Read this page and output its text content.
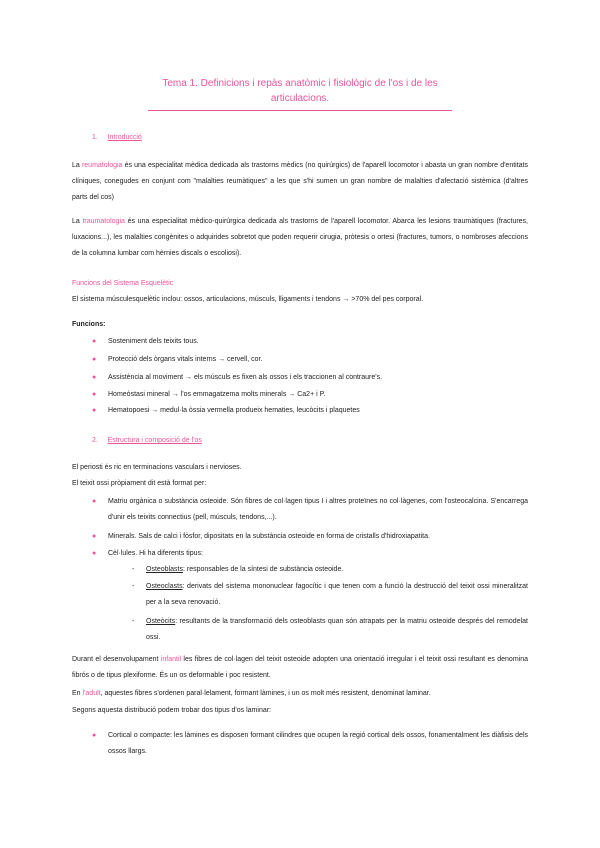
Tema 1. Definicions i repàs anatòmic i fisiològic de l'os i de les
articulacions.
1. Introducció

La reumatologia és una especialitat mèdica dedicada als trastorns mèdics (no quirúrgics) de l'aparell locomotor i abasta un gran nombre d'entitats clíniques, conegudes en conjunt com "malalties reumàtiques" a les que s'hi sumen un gran nombre de malalties d'afectació sistèmica (d'altres parts del cos)

La traumatologia és una especialitat mèdico-quirúrgica dedicada als trastorns de l'aparell locomotor. Abarca les lesions traumàtiques (fractures, luxacions...), les malalties congènites o adquirides sobretot que poden requerir cirugia, pròtesis o ortesi (fractures, tumors, o nombroses afeccions de la columna lumbar com hèrnies discals o escoliosi).

Funcions del Sistema Esquelètic

El sistema músculesquelètic inclou: ossos, articulacions, músculs, lligaments i tendons → >70% del pes corporal.

Funcions:

● Sosteniment dels teixits tous.
● Protecció dels òrgans vitals interns → cervell, cor.
● Assistència al moviment → els músculs es fixen als ossos i els traccionen al contraure's.
● Homeòstasi mineral → l'os emmagatzema molts minerals → Ca2+ i P.
● Hematopoesi → medul·la òssia vermella produeix hematies, leucòcits i plaquetes
2. Estructura i composició de l'os

El periosti és ric en terminacions vasculars i nervioses.

El teixit ossi pròpiament dit està format per:

● Matriu orgànica o substància osteoide. Són fibres de col·lagen tipus I i altres proteïnes no col·làgenes, com l'osteocalcina. S'encarrega d'unir els teixits connectius (pell, músculs, tendons,...).
● Minerals. Sals de calci i fòsfor, dipositats en la substància osteoide en forma de cristalls d'hidroxiapatita.
● Cèl·lules. Hi ha diferents tipus:
- Osteoblasts: responsables de la síntesi de substància osteoide.
- Osteoclasts: derivats del sistema mononuclear fagocític i que tenen com a funció la destrucció del teixit ossi mineralitzat per a la seva renovació.
- Osteòcits: resultants de la transformació dels osteoblasts quan són atrapats per la matriu osteoide després del remodelat ossi.

Durant el desenvolupament infantil les fibres de col·lagen del teixit osteoide adopten una orientació irregular i el teixit ossi resultant es denomina fibrós o de tipus plexiforme. És un os deformable i poc resistent.

En l'adult, aquestes fibres s'ordenen paral·lelament, formant làmines, i un os molt més resistent, denominat laminar.

Segons aquesta distribució podem trobar dos tipus d'os laminar:

● Cortical o compacte: les làmines es disposen formant cilindres que ocupen la regió cortical dels ossos, fonamentalment les diàfisis dels ossos llargs.
